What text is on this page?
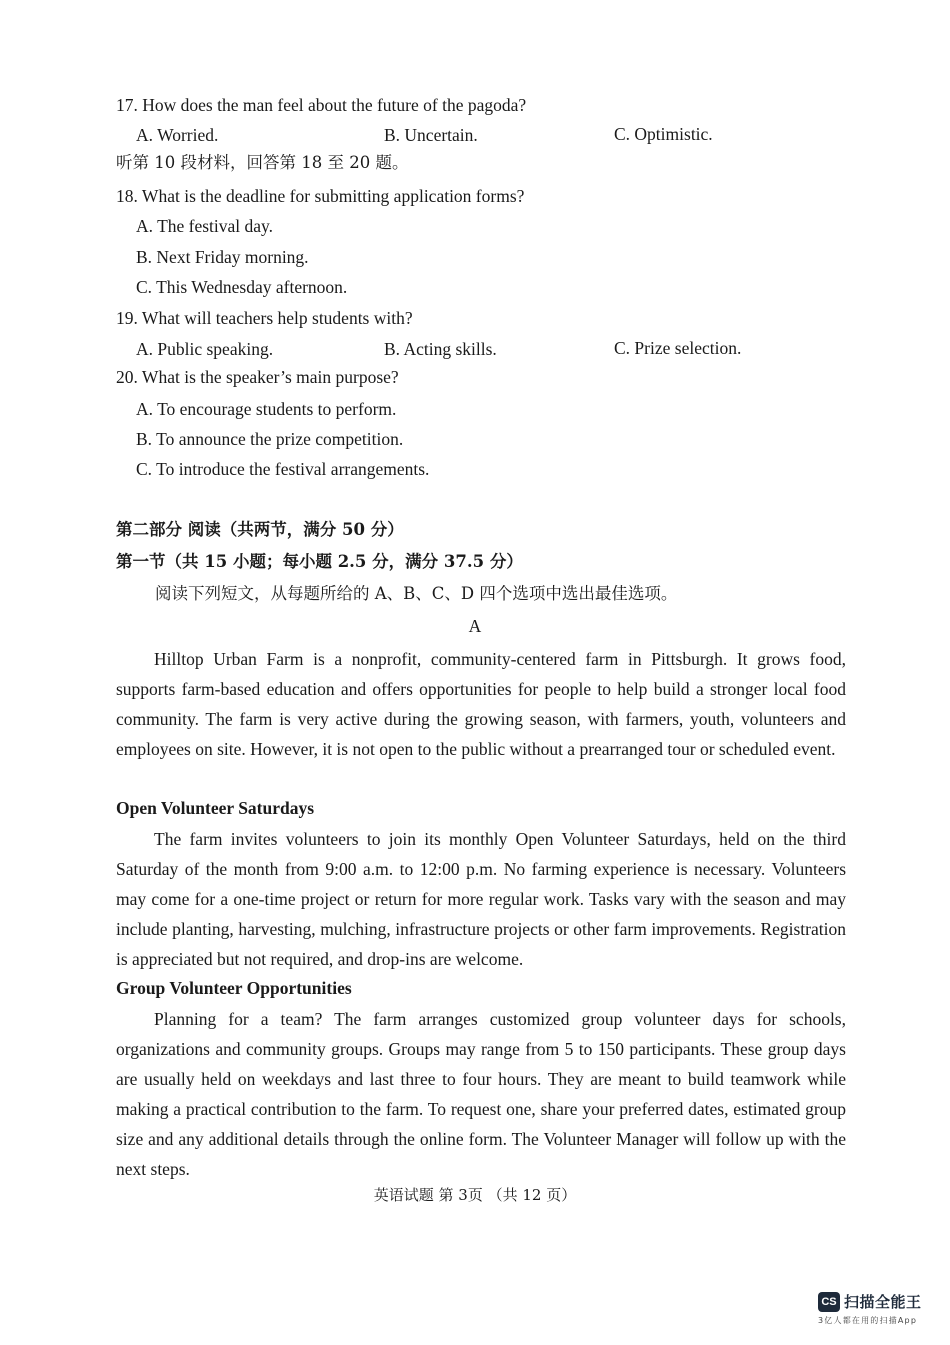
17. How does the man feel about the future of the pagoda?
A. Worried.	B. Uncertain.	C. Optimistic.
听第 10 段材料，回答第 18 至 20 题。
18. What is the deadline for submitting application forms?
A. The festival day.
B. Next Friday morning.
C. This Wednesday afternoon.
19. What will teachers help students with?
A. Public speaking.	B. Acting skills.	C. Prize selection.
20. What is the speaker’s main purpose?
A. To encourage students to perform.
B. To announce the prize competition.
C. To introduce the festival arrangements.
第二部分 阅读（共两节，满分 50 分）
第一节（共 15 小题；每小题 2.5 分，满分 37.5 分）
阅读下列短文，从每题所给的 A、B、C、D 四个选项中选出最佳选项。
A

Hilltop Urban Farm is a nonprofit, community-centered farm in Pittsburgh. It grows food, supports farm-based education and offers opportunities for people to help build a stronger local food community. The farm is very active during the growing season, with farmers, youth, volunteers and employees on site. However, it is not open to the public without a prearranged tour or scheduled event.

Open Volunteer Saturdays

The farm invites volunteers to join its monthly Open Volunteer Saturdays, held on the third Saturday of the month from 9:00 a.m. to 12:00 p.m. No farming experience is necessary. Volunteers may come for a one-time project or return for more regular work. Tasks vary with the season and may include planting, harvesting, mulching, infrastructure projects or other farm improvements. Registration is appreciated but not required, and drop-ins are welcome.

Group Volunteer Opportunities

Planning for a team? The farm arranges customized group volunteer days for schools, organizations and community groups. Groups may range from 5 to 150 participants. These group days are usually held on weekdays and last three to four hours. They are meant to build teamwork while making a practical contribution to the farm. To request one, share your preferred dates, estimated group size and any additional details through the online form. The Volunteer Manager will follow up with the next steps.

英语试题 第 3页 （共 12 页）
CS 扫描全能王
3亿人都在用的扫描App
